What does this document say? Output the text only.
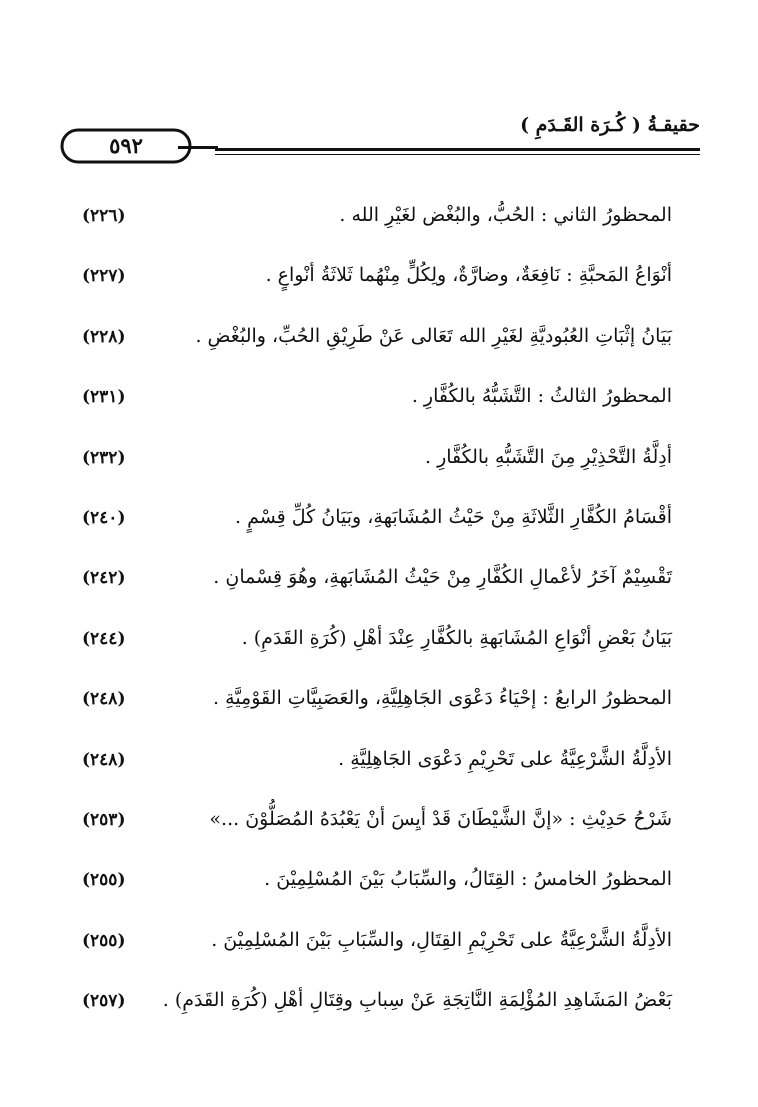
حقيقـةُ ( كُـرَة القَـدَمِ )
٥٩٢
المحظورُ الثاني : الحُبُّ، والبُغْض لغَيْرِ الله .
(٢٢٦)
أنْوَاعُ المَحبَّةِ : نَافِعَةٌ، وضارَّةٌ، ولِكُلٍّ مِنْهُما ثَلاثَةُ أنْواعٍ .
(٢٢٧)
بَيَانُ إثْبَاتِ العُبُوديَّةِ لغَيْرِ الله تَعَالى عَنْ طَرِيْقِ الحُبِّ، والبُغْضِ .
(٢٢٨)
المحظورُ الثالثُ : التَّشَبُّهُ بالكُفَّارِ .
(٢٣١)
أدِلَّةُ التَّحْذِيْرِ مِنَ التَّشَبُّهِ بالكُفَّارِ .
(٢٣٢)
أقْسَامُ الكُفَّارِ الثَّلاثَةِ مِنْ حَيْثُ المُشَابَهةِ، وبَيَانُ كُلِّ قِسْمٍ .
(٢٤٠)
تَقْسِيْمٌ آخَرُ لأعْمالِ الكُفَّارِ مِنْ حَيْثُ المُشَابَهةِ، وهُوَ قِسْمانِ .
(٢٤٢)
بَيَانُ بَعْضِ أنْوَاعِ المُشَابَهةِ بالكُفَّارِ عِنْدَ أهْلِ (كُرَةِ القَدَمِ) .
(٢٤٤)
المحظورُ الرابعُ : إحْيَاءُ دَعْوَى الجَاهِلِيَّةِ، والعَصَبِيَّاتِ القَوْمِيَّةِ .
(٢٤٨)
الأدِلَّةُ الشَّرْعِيَّةُ على تَحْرِيْمِ دَعْوَى الجَاهِلِيَّةِ .
(٢٤٨)
شَرْحُ حَدِيْثِ : «إنَّ الشَّيْطَانَ قَدْ أيِسَ أنْ يَعْبُدَهُ المُصَلُّوْنَ ...»
(٢٥٣)
المحظورُ الخامسُ : القِتَالُ، والسِّبَابُ بَيْنَ المُسْلِمِيْنَ .
(٢٥٥)
الأدِلَّةُ الشَّرْعِيَّةُ على تَحْرِيْمِ القِتَالِ، والسِّبَابِ بَيْنَ المُسْلِمِيْنَ .
(٢٥٥)
بَعْضُ المَشَاهِدِ المُؤْلِمَةِ النَّاتِجَةِ عَنْ سِبابِ وقِتَالِ أهْلِ (كُرَةِ القَدَمِ) .
(٢٥٧)
